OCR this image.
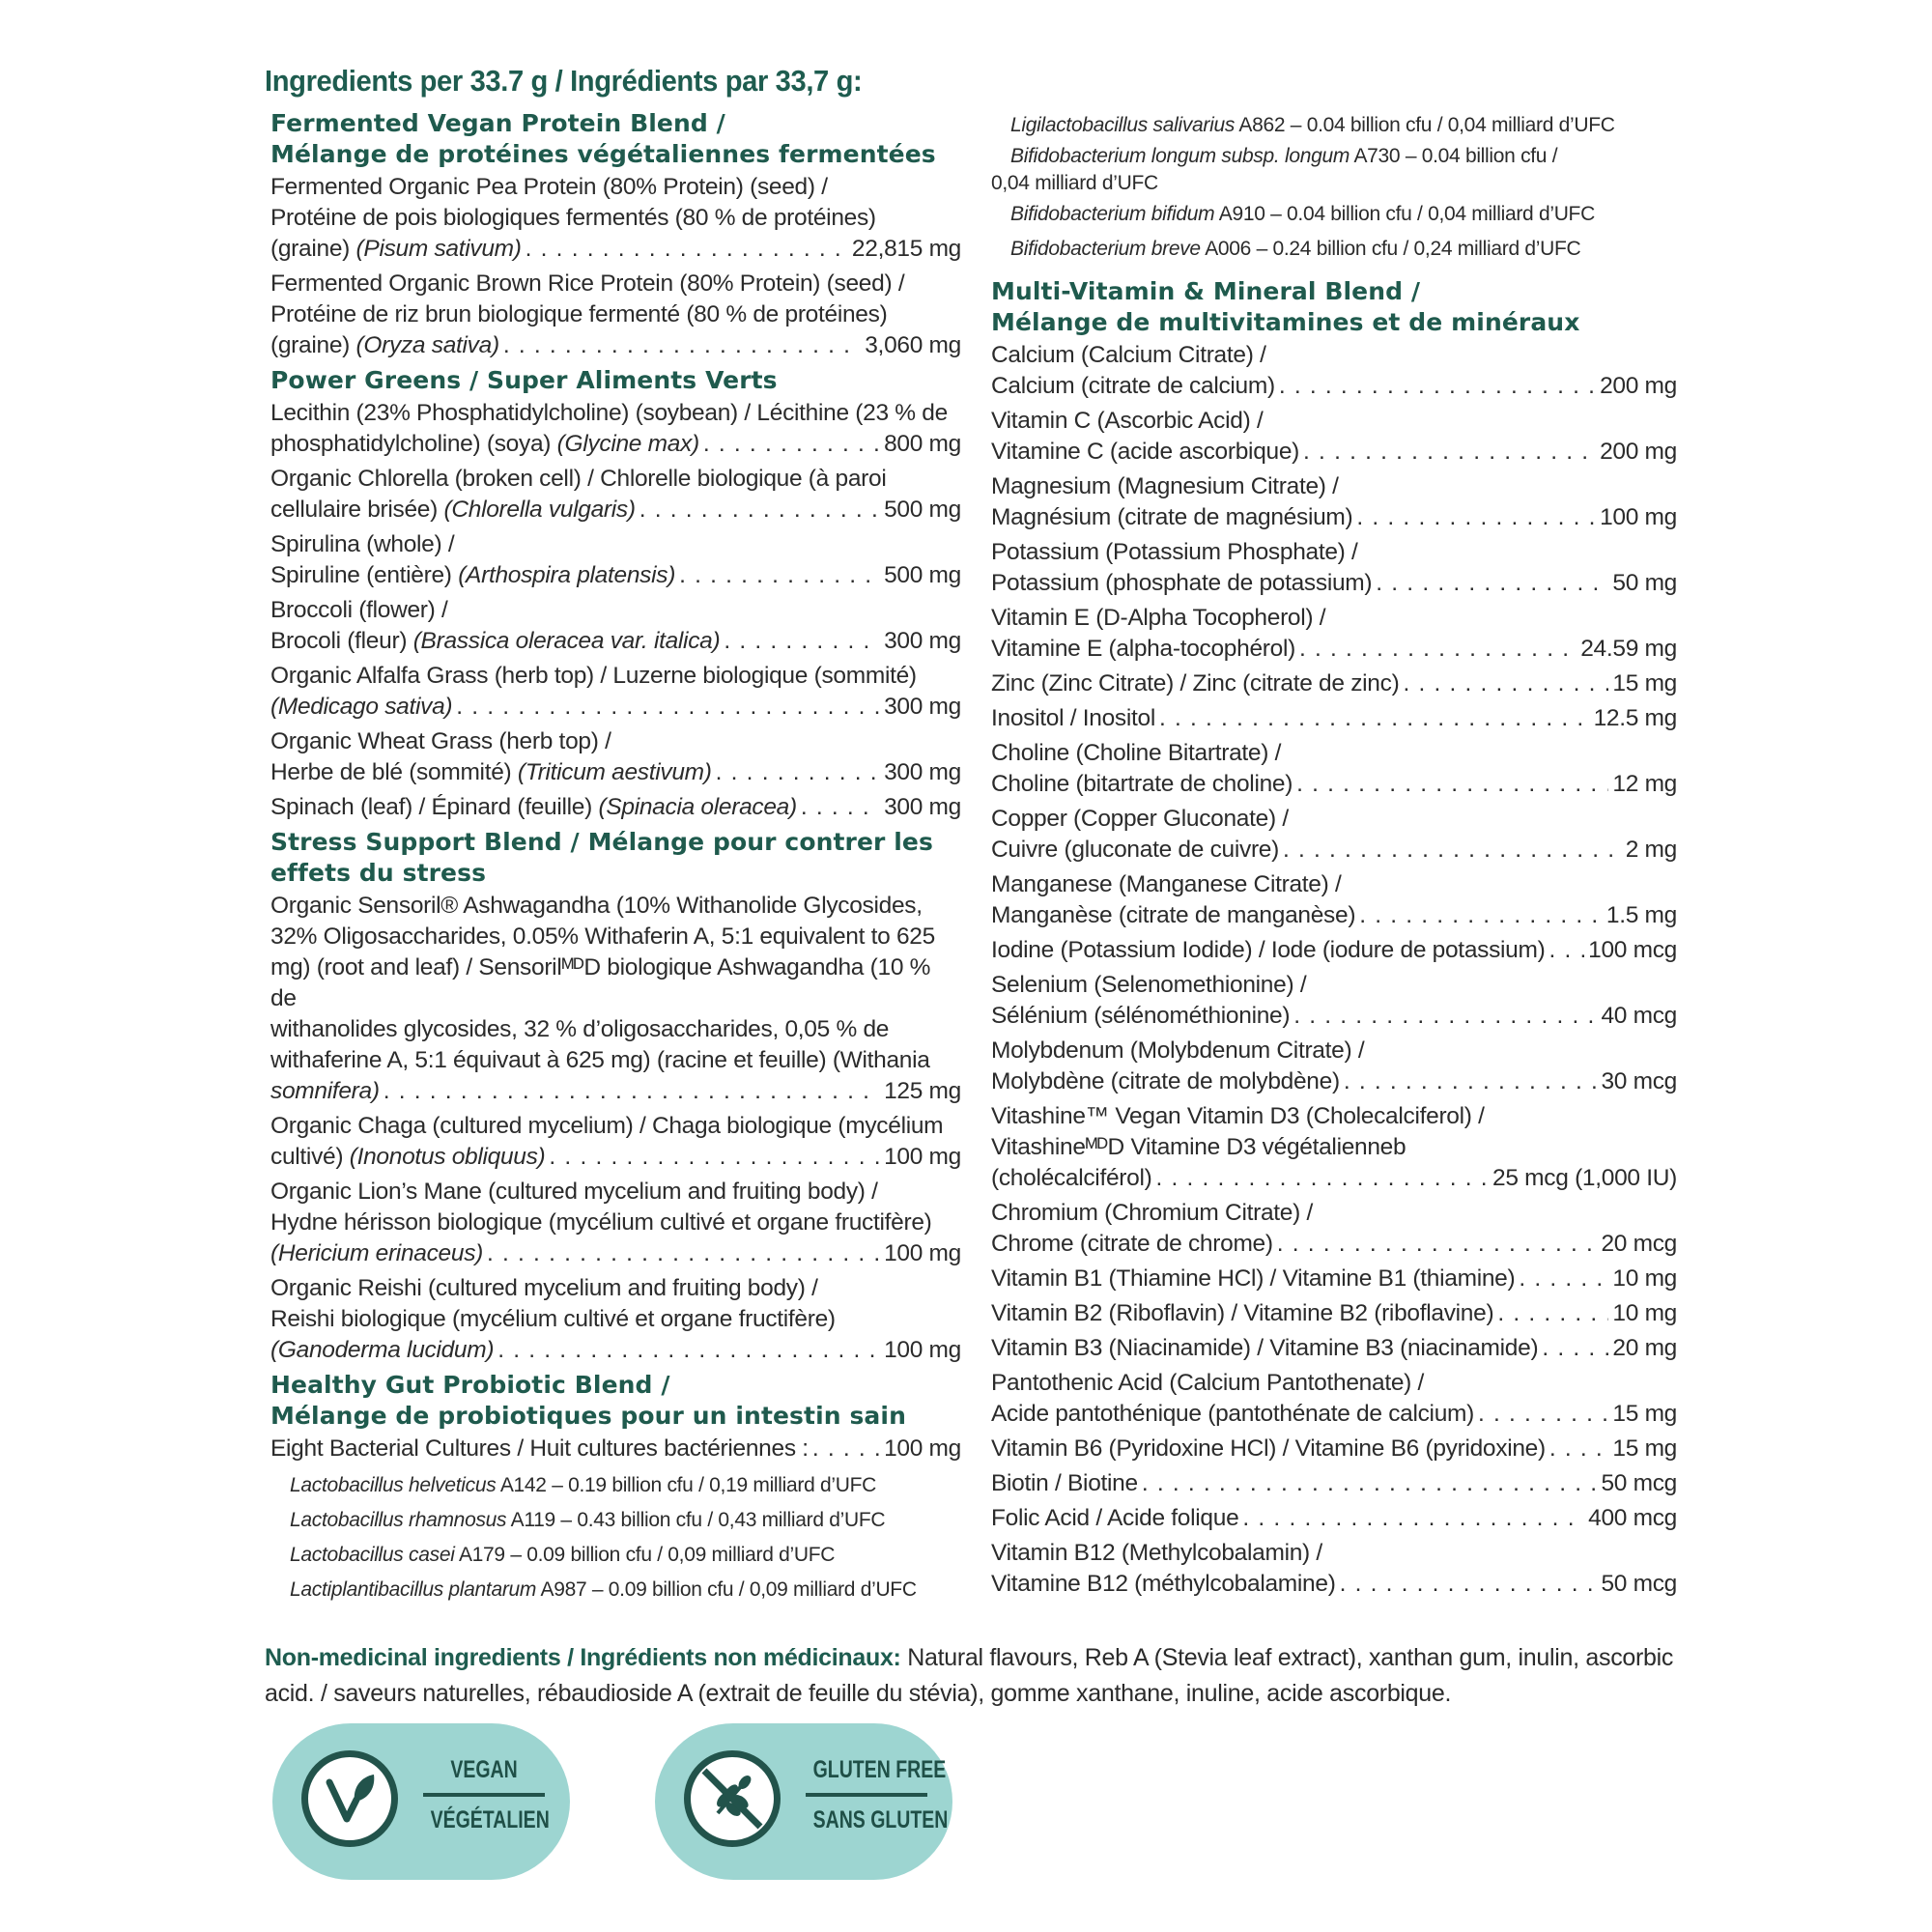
Ingredients per 33.7 g / Ingrédients par 33,7 g:
Fermented Vegan Protein Blend /
Mélange de protéines végétaliennes fermentées
Fermented Organic Pea Protein (80% Protein) (seed) /
Protéine de pois biologiques fermentés (80 % de protéines)
(graine) (Pisum sativum) . . .	22,815 mg
Fermented Organic Brown Rice Protein (80% Protein) (seed) /
Protéine de riz brun biologique fermenté (80 % de protéines)
(graine) (Oryza sativa) . . .	3,060 mg
Power Greens / Super Aliments Verts
Lecithin (23% Phosphatidylcholine) (soybean) / Lécithine (23 % de
phosphatidylcholine) (soya) (Glycine max) . . .	800 mg
Organic Chlorella (broken cell) / Chlorelle biologique (à paroi
cellulaire brisée) (Chlorella vulgaris) . . .	500 mg
Spirulina (whole) /
Spiruline (entière) (Arthospira platensis) . . .	500 mg
Broccoli (flower) /
Brocoli (fleur) (Brassica oleracea var. italica) . . .	300 mg
Organic Alfalfa Grass (herb top) / Luzerne biologique (sommité)
(Medicago sativa) . . .	300 mg
Organic Wheat Grass (herb top) /
Herbe de blé (sommité) (Triticum aestivum) . . .	300 mg
Spinach (leaf) / Épinard (feuille) (Spinacia oleracea) . . .	300 mg
Stress Support Blend / Mélange pour contrer les
effets du stress
Organic Sensoril® Ashwagandha (10% Withanolide Glycosides,
32% Oligosaccharides, 0.05% Withaferin A, 5:1 equivalent to 625
mg) (root and leaf) / SensorilᴹᴰD biologique Ashwagandha (10 % de
withanolides glycosides, 32 % d’oligosaccharides, 0,05 % de
withaferine A, 5:1 équivaut à 625 mg) (racine et feuille) (Withania
somnifera) . . .	125 mg
Organic Chaga (cultured mycelium) / Chaga biologique (mycélium
cultivé) (Inonotus obliquus) . . .	100 mg
Organic Lion’s Mane (cultured mycelium and fruiting body) /
Hydne hérisson biologique (mycélium cultivé et organe fructifère)
(Hericium erinaceus) . . .	100 mg
Organic Reishi (cultured mycelium and fruiting body) /
Reishi biologique (mycélium cultivé et organe fructifère)
(Ganoderma lucidum) . . .	100 mg
Healthy Gut Probiotic Blend /
Mélange de probiotiques pour un intestin sain
Eight Bacterial Cultures / Huit cultures bactériennes : . . .	100 mg
Lactobacillus helveticus A142 – 0.19 billion cfu / 0,19 milliard d’UFC
Lactobacillus rhamnosus A119 – 0.43 billion cfu / 0,43 milliard d’UFC
Lactobacillus casei A179 – 0.09 billion cfu / 0,09 milliard d’UFC
Lactiplantibacillus plantarum A987 – 0.09 billion cfu / 0,09 milliard d’UFC
Ligilactobacillus salivarius A862 – 0.04 billion cfu / 0,04 milliard d’UFC
Bifidobacterium longum subsp. longum A730 – 0.04 billion cfu /
0,04 milliard d’UFC
Bifidobacterium bifidum A910 – 0.04 billion cfu / 0,04 milliard d’UFC
Bifidobacterium breve A006 – 0.24 billion cfu / 0,24 milliard d’UFC
Multi-Vitamin & Mineral Blend /
Mélange de multivitamines et de minéraux
Calcium (Calcium Citrate) /
Calcium (citrate de calcium) . . .	200 mg
Vitamin C (Ascorbic Acid) /
Vitamine C (acide ascorbique) . . .	200 mg
Magnesium (Magnesium Citrate) /
Magnésium (citrate de magnésium) . . .	100 mg
Potassium (Potassium Phosphate) /
Potassium (phosphate de potassium) . . .	50 mg
Vitamin E (D-Alpha Tocopherol) /
Vitamine E (alpha-tocophérol) . . .	24.59 mg
Zinc (Zinc Citrate) / Zinc (citrate de zinc) . . .	15 mg
Inositol / Inositol . . .	12.5 mg
Choline (Choline Bitartrate) /
Choline (bitartrate de choline) . . .	12 mg
Copper (Copper Gluconate) /
Cuivre (gluconate de cuivre) . . .	2 mg
Manganese (Manganese Citrate) /
Manganèse (citrate de manganèse) . . .	1.5 mg
Iodine (Potassium Iodide) / Iode (iodure de potassium) . . . 100 mcg
Selenium (Selenomethionine) /
Sélénium (sélénométhionine) . . .	40 mcg
Molybdenum (Molybdenum Citrate) /
Molybdène (citrate de molybdène) . . .	30 mcg
Vitashine™ Vegan Vitamin D3 (Cholecalciferol) /
VitashineᴹᴰD Vitamine D3 végétalienneb
(cholécalciférol) . . .	25 mcg (1,000 IU)
Chromium (Chromium Citrate) /
Chrome (citrate de chrome) . . .	20 mcg
Vitamin B1 (Thiamine HCl) / Vitamine B1 (thiamine) . . .	10 mg
Vitamin B2 (Riboflavin) / Vitamine B2 (riboflavine) . . .	10 mg
Vitamin B3 (Niacinamide) / Vitamine B3 (niacinamide) . . .	20 mg
Pantothenic Acid (Calcium Pantothenate) /
Acide pantothénique (pantothénate de calcium) . . .	15 mg
Vitamin B6 (Pyridoxine HCl) / Vitamine B6 (pyridoxine) . . .	15 mg
Biotin / Biotine . . .	50 mcg
Folic Acid / Acide folique . . .	400 mcg
Vitamin B12 (Methylcobalamin) /
Vitamine B12 (méthylcobalamine) . . .	50 mcg
Non-medicinal ingredients / Ingrédients non médicinaux: Natural flavours, Reb A (Stevia leaf extract), xanthan gum, inulin, ascorbic acid. / saveurs naturelles, rébaudioside A (extrait de feuille du stévia), gomme xanthane, inuline, acide ascorbique.
VEGAN
VÉGÉTALIEN
GLUTEN FREE
SANS GLUTEN
